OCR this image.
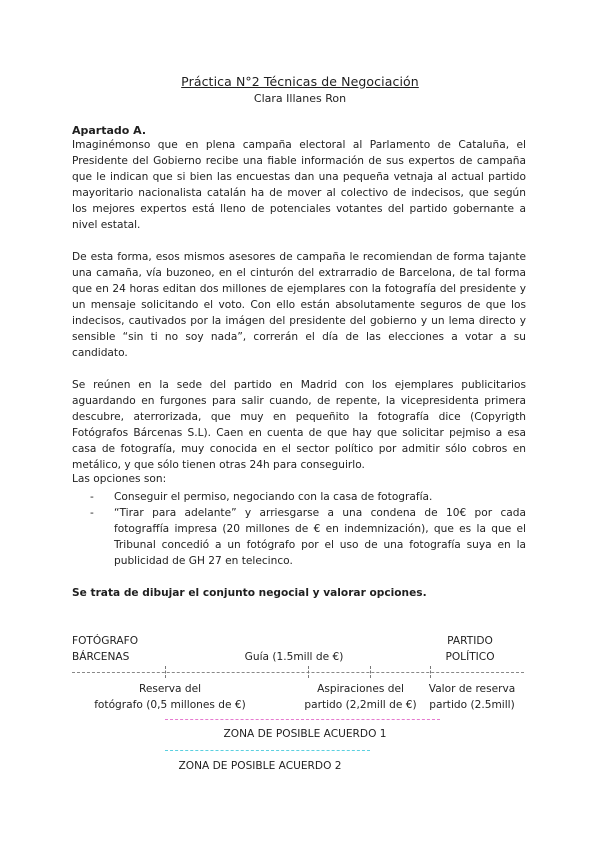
Práctica N°2 Técnicas de Negociación
Clara Illanes Ron
Apartado A.

Imaginémonso que en plena campaña electoral al Parlamento de Cataluña, el Presidente del Gobierno recibe una fiable información de sus expertos de campaña que le indican que si bien las encuestas dan una pequeña vetnaja al actual partido mayoritario nacionalista catalán ha de mover al colectivo de indecisos, que según los mejores expertos está lleno de potenciales votantes del partido gobernante a nivel estatal.

De esta forma, esos mismos asesores de campaña le recomiendan de forma tajante una camaña, vía buzoneo, en el cinturón del extrarradio de Barcelona, de tal forma que en 24 horas editan dos millones de ejemplares con la fotografía del presidente y un mensaje solicitando el voto. Con ello están absolutamente seguros de que los indecisos, cautivados por la imágen del presidente del gobierno y un lema directo y sensible “sin ti no soy nada”, correrán el día de las elecciones a votar a su candidato.

Se reúnen en la sede del partido en Madrid con los ejemplares publicitarios aguardando en furgones para salir cuando, de repente, la vicepresidenta primera descubre, aterrorizada, que muy en pequeñito la fotografía dice (Copyrigth Fotógrafos Bárcenas S.L). Caen en cuenta de que hay que solicitar pejmiso a esa casa de fotografía, muy conocida en el sector político por admitir sólo cobros en metálico, y que sólo tienen otras 24h para conseguirlo.

Las opciones son:
- Conseguir el permiso, negociando con la casa de fotografía.
- “Tirar para adelante” y arriesgarse a una condena de 10€ por cada fotograffía impresa (20 millones de € en indemnización), que es la que el Tribunal concedió a un fotógrafo por el uso de una fotografía suya en la publicidad de GH 27 en telecinco.
Se trata de dibujar el conjunto negocial y valorar opciones.
FOTÓGRAFO
BÁRCENAS
PARTIDO
POLÍTICO
Guía (1.5mill de €)
Reserva del
fotógrafo (0,5 millones de €)
Aspiraciones del
partido (2,2mill de €)
Valor de reserva
partido (2.5mill)
ZONA DE POSIBLE ACUERDO 1
ZONA DE POSIBLE ACUERDO 2
